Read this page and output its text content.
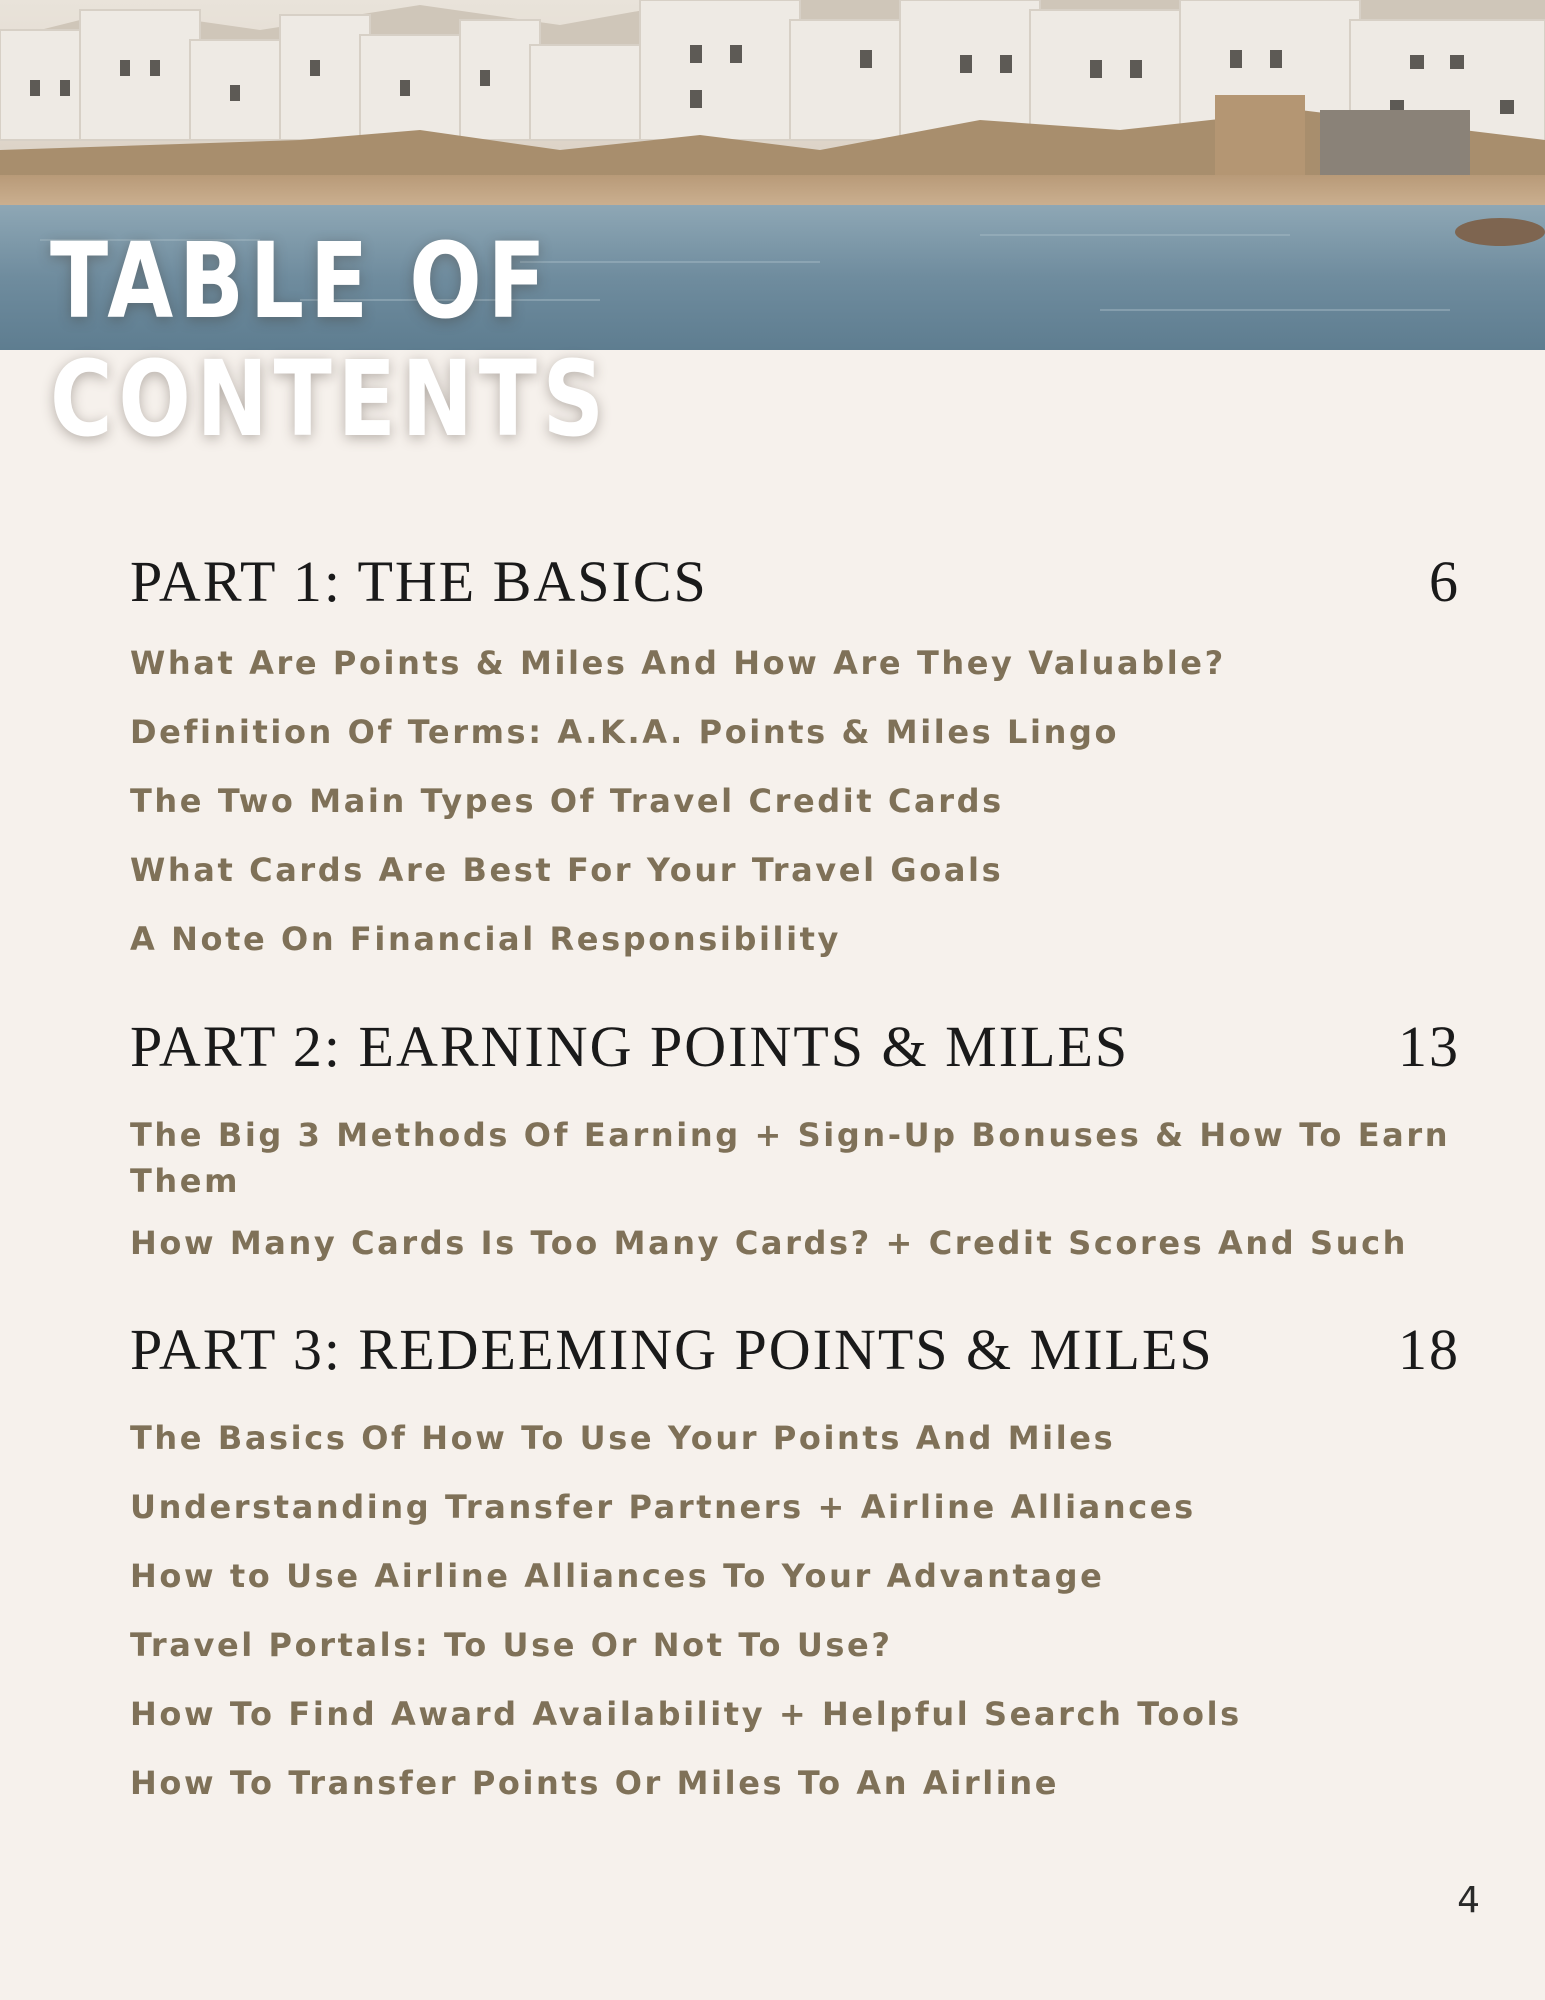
TABLE OF
CONTENTS
PART 1: THE BASICS	6
What Are Points & Miles And How Are They Valuable?
Definition Of Terms: A.K.A. Points & Miles Lingo
The Two Main Types Of Travel Credit Cards
What Cards Are Best For Your Travel Goals
A Note On Financial Responsibility
PART 2: EARNING POINTS & MILES	13
The Big 3 Methods Of Earning + Sign-Up Bonuses & How To Earn Them
How Many Cards Is Too Many Cards? + Credit Scores And Such
PART 3: REDEEMING POINTS & MILES	18
The Basics Of How To Use Your Points And Miles
Understanding Transfer Partners + Airline Alliances
How to Use Airline Alliances To Your Advantage
Travel Portals: To Use Or Not To Use?
How To Find Award Availability + Helpful Search Tools
How To Transfer Points Or Miles To An Airline
4
